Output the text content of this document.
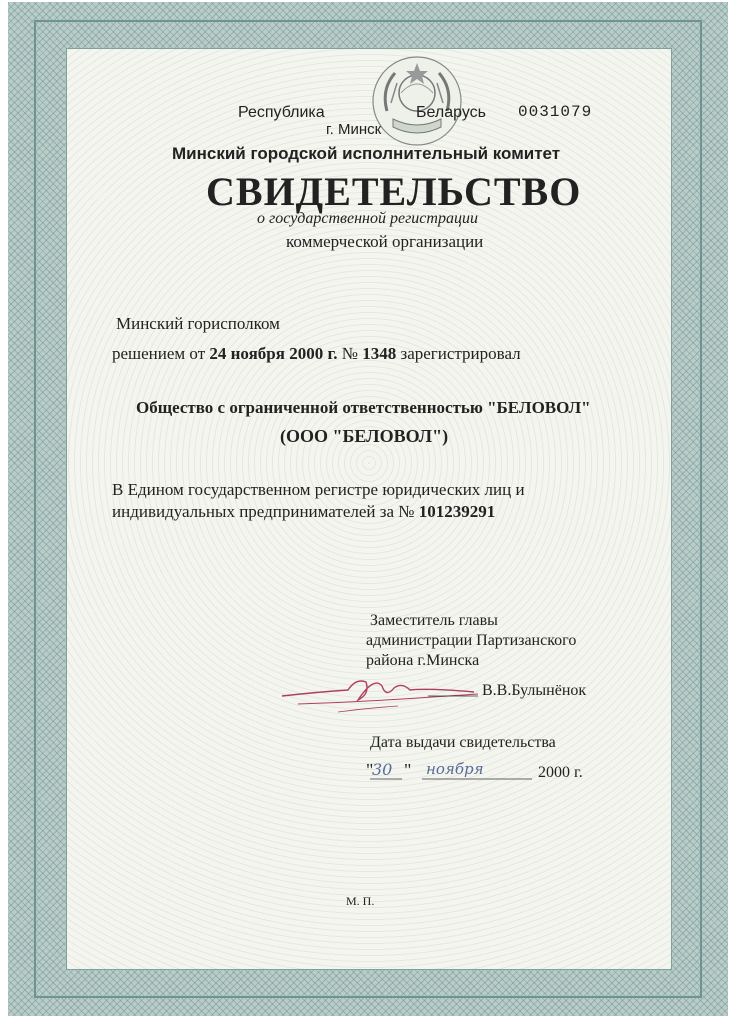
Республика	Беларусь 0031079
г. Минск
Минский городской исполнительный комитет
СВИДЕТЕЛЬСТВО
о государственной регистрации
коммерческой организации
Минский горисполком
решением от 24 ноября 2000 г. № 1348 зарегистрировал
Общество с ограниченной ответственностью "БЕЛОВОЛ"
(ООО "БЕЛОВОЛ")
В Едином государственном регистре юридических лиц и
индивидуальных предпринимателей за № 101239291
Заместитель главы
администрации Партизанского
района г.Минска
В.В.Булынёнок
Дата выдачи свидетельства
"
30 " ноября	2000 г.
М. П.
